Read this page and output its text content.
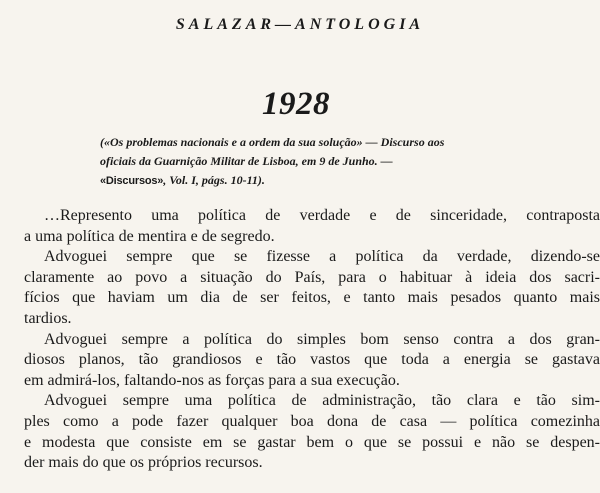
SALAZAR—ANTOLOGIA
1928
(«Os problemas nacionais e a ordem da sua solução» — Discurso aos
oficiais da Guarnição Militar de Lisboa, em 9 de Junho. —
«Discursos», Vol. I, págs. 10-11).

…Represento uma política de verdade e de sinceridade, contraposta
a uma política de mentira e de segredo.

Advoguei sempre que se fizesse a política da verdade, dizendo-se
claramente ao povo a situação do País, para o habituar à ideia dos sacri-
fícios que haviam um dia de ser feitos, e tanto mais pesados quanto mais
tardios.

Advoguei sempre a política do simples bom senso contra a dos gran-
diosos planos, tão grandiosos e tão vastos que toda a energia se gastava
em admirá-los, faltando-nos as forças para a sua execução.

Advoguei sempre uma política de administração, tão clara e tão sim-
ples como a pode fazer qualquer boa dona de casa — política comezinha
e modesta que consiste em se gastar bem o que se possui e não se despen-
der mais do que os próprios recursos.
